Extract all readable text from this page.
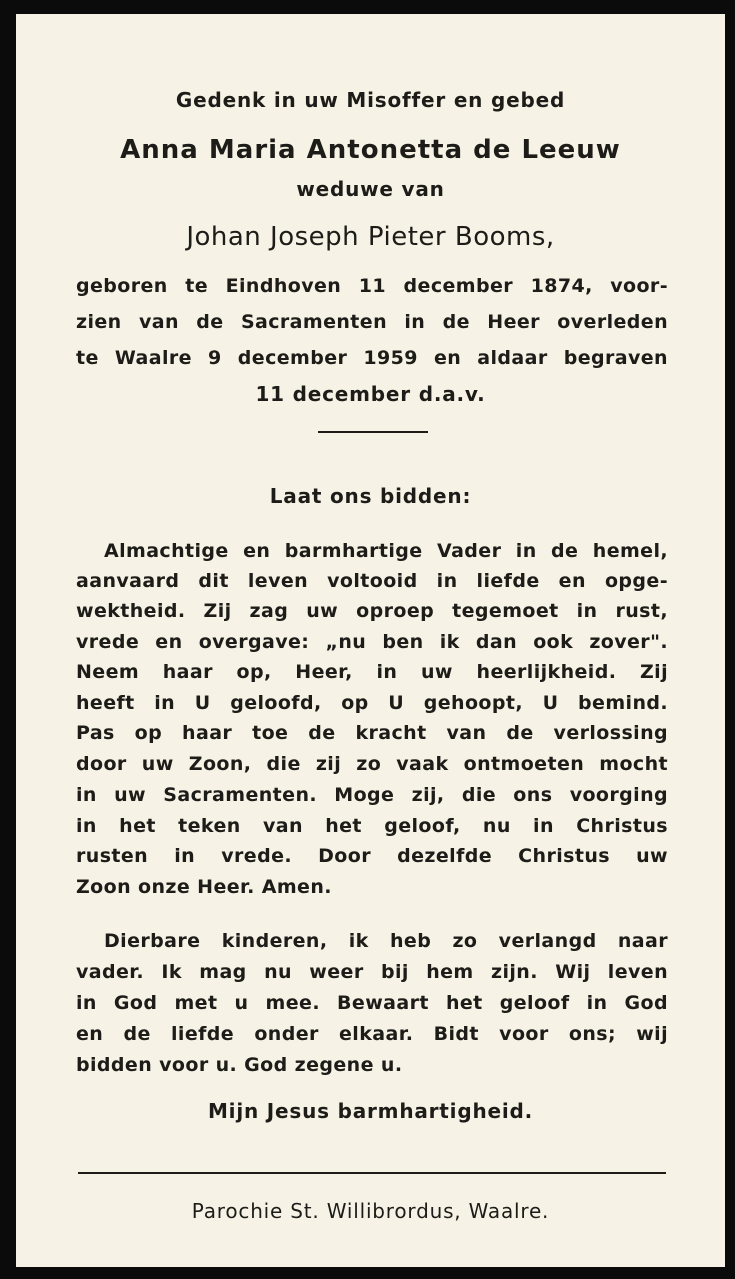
Gedenk in uw Misoffer en gebed
Anna Maria Antonetta de Leeuw
weduwe van
Johan Joseph Pieter Booms,
geboren te Eindhoven 11 december 1874, voor-
zien van de Sacramenten in de Heer overleden
te Waalre 9 december 1959 en aldaar begraven
11 december d.a.v.
Laat ons bidden:
Almachtige en barmhartige Vader in de hemel,
aanvaard dit leven voltooid in liefde en opge-
wektheid. Zij zag uw oproep tegemoet in rust,
vrede en overgave: „nu ben ik dan ook zover".
Neem haar op, Heer, in uw heerlijkheid. Zij
heeft in U geloofd, op U gehoopt, U bemind.
Pas op haar toe de kracht van de verlossing
door uw Zoon, die zij zo vaak ontmoeten mocht
in uw Sacramenten. Moge zij, die ons voorging
in het teken van het geloof, nu in Christus
rusten in vrede. Door dezelfde Christus uw
Zoon onze Heer. Amen.
Dierbare kinderen, ik heb zo verlangd naar
vader. Ik mag nu weer bij hem zijn. Wij leven
in God met u mee. Bewaart het geloof in God
en de liefde onder elkaar. Bidt voor ons; wij
bidden voor u. God zegene u.
Mijn Jesus barmhartigheid.
Parochie St. Willibrordus, Waalre.
